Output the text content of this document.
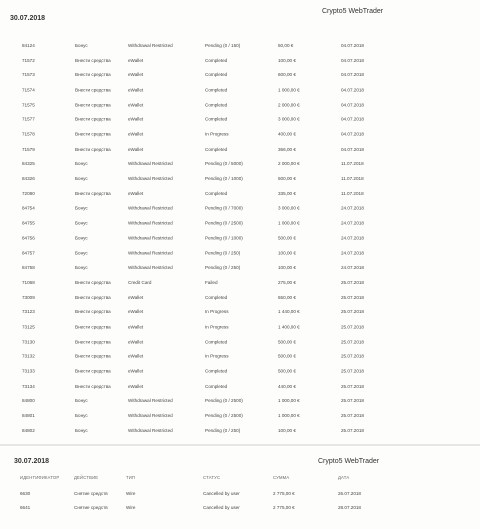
30.07.2018
Crypto5 WebTrader
84124	Бонус	Withdrawal Restricted	Pending (0 / 150)	50,00 €	04.07.2018
71572	Внести средства	eWallet	Completed	100,00 €	04.07.2018
71573	Внести средства	eWallet	Completed	600,00 €	04.07.2018
71574	Внести средства	eWallet	Completed	1 000,00 €	04.07.2018
71575	Внести средства	eWallet	Completed	2 000,00 €	04.07.2018
71577	Внести средства	eWallet	Completed	3 000,00 €	04.07.2018
71578	Внести средства	eWallet	In Progress	400,00 €	04.07.2018
71579	Внести средства	eWallet	Completed	366,00 €	04.07.2018
84325	Бонус	Withdrawal Restricted	Pending (0 / 5000)	2 000,00 €	11.07.2018
84326	Бонус	Withdrawal Restricted	Pending (0 / 1000)	500,00 €	11.07.2018
72080	Внести средства	eWallet	Completed	335,00 €	11.07.2018
84754	Бонус	Withdrawal Restricted	Pending (0 / 7000)	3 000,00 €	24.07.2018
84755	Бонус	Withdrawal Restricted	Pending (0 / 2500)	1 000,00 €	24.07.2018
84756	Бонус	Withdrawal Restricted	Pending (0 / 1000)	500,00 €	24.07.2018
84757	Бонус	Withdrawal Restricted	Pending (0 / 250)	100,00 €	24.07.2018
84758	Бонус	Withdrawal Restricted	Pending (0 / 250)	100,00 €	24.07.2018
71068	Внести средства	Credit Card	Failed	275,00 €	25.07.2018
73009	Внести средства	eWallet	Completed	650,00 €	25.07.2018
73123	Внести средства	eWallet	In Progress	1 440,00 €	25.07.2018
73125	Внести средства	eWallet	In Progress	1 400,00 €	25.07.2018
73130	Внести средства	eWallet	Completed	500,00 €	25.07.2018
73132	Внести средства	eWallet	In Progress	500,00 €	25.07.2018
73133	Внести средства	eWallet	Completed	500,00 €	25.07.2018
73134	Внести средства	eWallet	Completed	440,00 €	25.07.2018
84800	Бонус	Withdrawal Restricted	Pending (0 / 2500)	1 000,00 €	25.07.2018
84801	Бонус	Withdrawal Restricted	Pending (0 / 2500)	1 000,00 €	25.07.2018
84802	Бонус	Withdrawal Restricted	Pending (0 / 250)	100,00 €	25.07.2018
30.07.2018	Crypto5 WebTrader
ИДЕНТИФИКАТОР	ДЕЙСТВИЕ	ТИП	СТАТУС	СУММА	ДАТА
6630	Снятие средств	Wire	Cancelled by user	2 775,00 €	26.07.2018
6641	Снятие средств	Wire	Cancelled by user	2 775,00 €	28.07.2018
